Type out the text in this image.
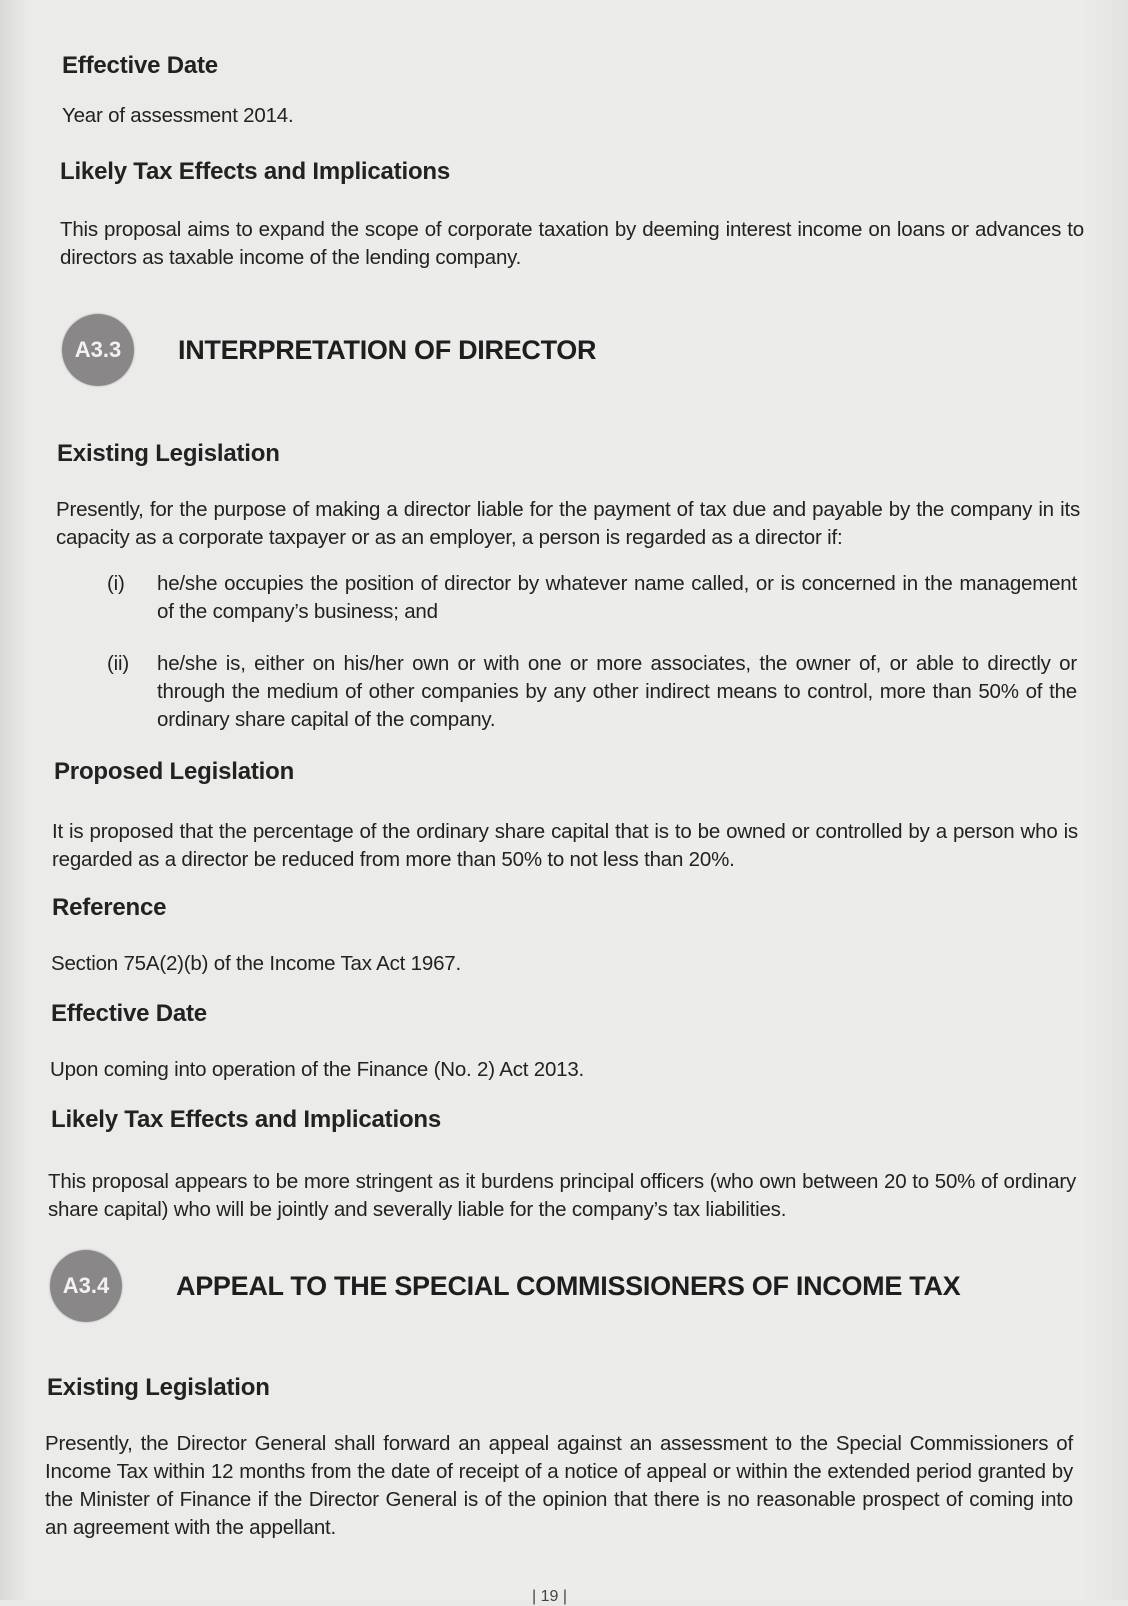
Effective Date
Year of assessment 2014.
Likely Tax Effects and Implications
This proposal aims to expand the scope of corporate taxation by deeming interest income on loans or advances to directors as taxable income of the lending company.
A3.3	INTERPRETATION OF DIRECTOR
Existing Legislation
Presently, for the purpose of making a director liable for the payment of tax due and payable by the company in its capacity as a corporate taxpayer or as an employer, a person is regarded as a director if:
(i)	he/she occupies the position of director by whatever name called, or is concerned in the management of the company’s business; and
(ii)	he/she is, either on his/her own or with one or more associates, the owner of, or able to directly or through the medium of other companies by any other indirect means to control, more than 50% of the ordinary share capital of the company.
Proposed Legislation
It is proposed that the percentage of the ordinary share capital that is to be owned or controlled by a person who is regarded as a director be reduced from more than 50% to not less than 20%.
Reference
Section 75A(2)(b) of the Income Tax Act 1967.
Effective Date
Upon coming into operation of the Finance (No. 2) Act 2013.
Likely Tax Effects and Implications
This proposal appears to be more stringent as it burdens principal officers (who own between 20 to 50% of ordinary share capital) who will be jointly and severally liable for the company’s tax liabilities.
A3.4	APPEAL TO THE SPECIAL COMMISSIONERS OF INCOME TAX
Existing Legislation
Presently, the Director General shall forward an appeal against an assessment to the Special Commissioners of Income Tax within 12 months from the date of receipt of a notice of appeal or within the extended period granted by the Minister of Finance if the Director General is of the opinion that there is no reasonable prospect of coming into an agreement with the appellant.
| 19 |
